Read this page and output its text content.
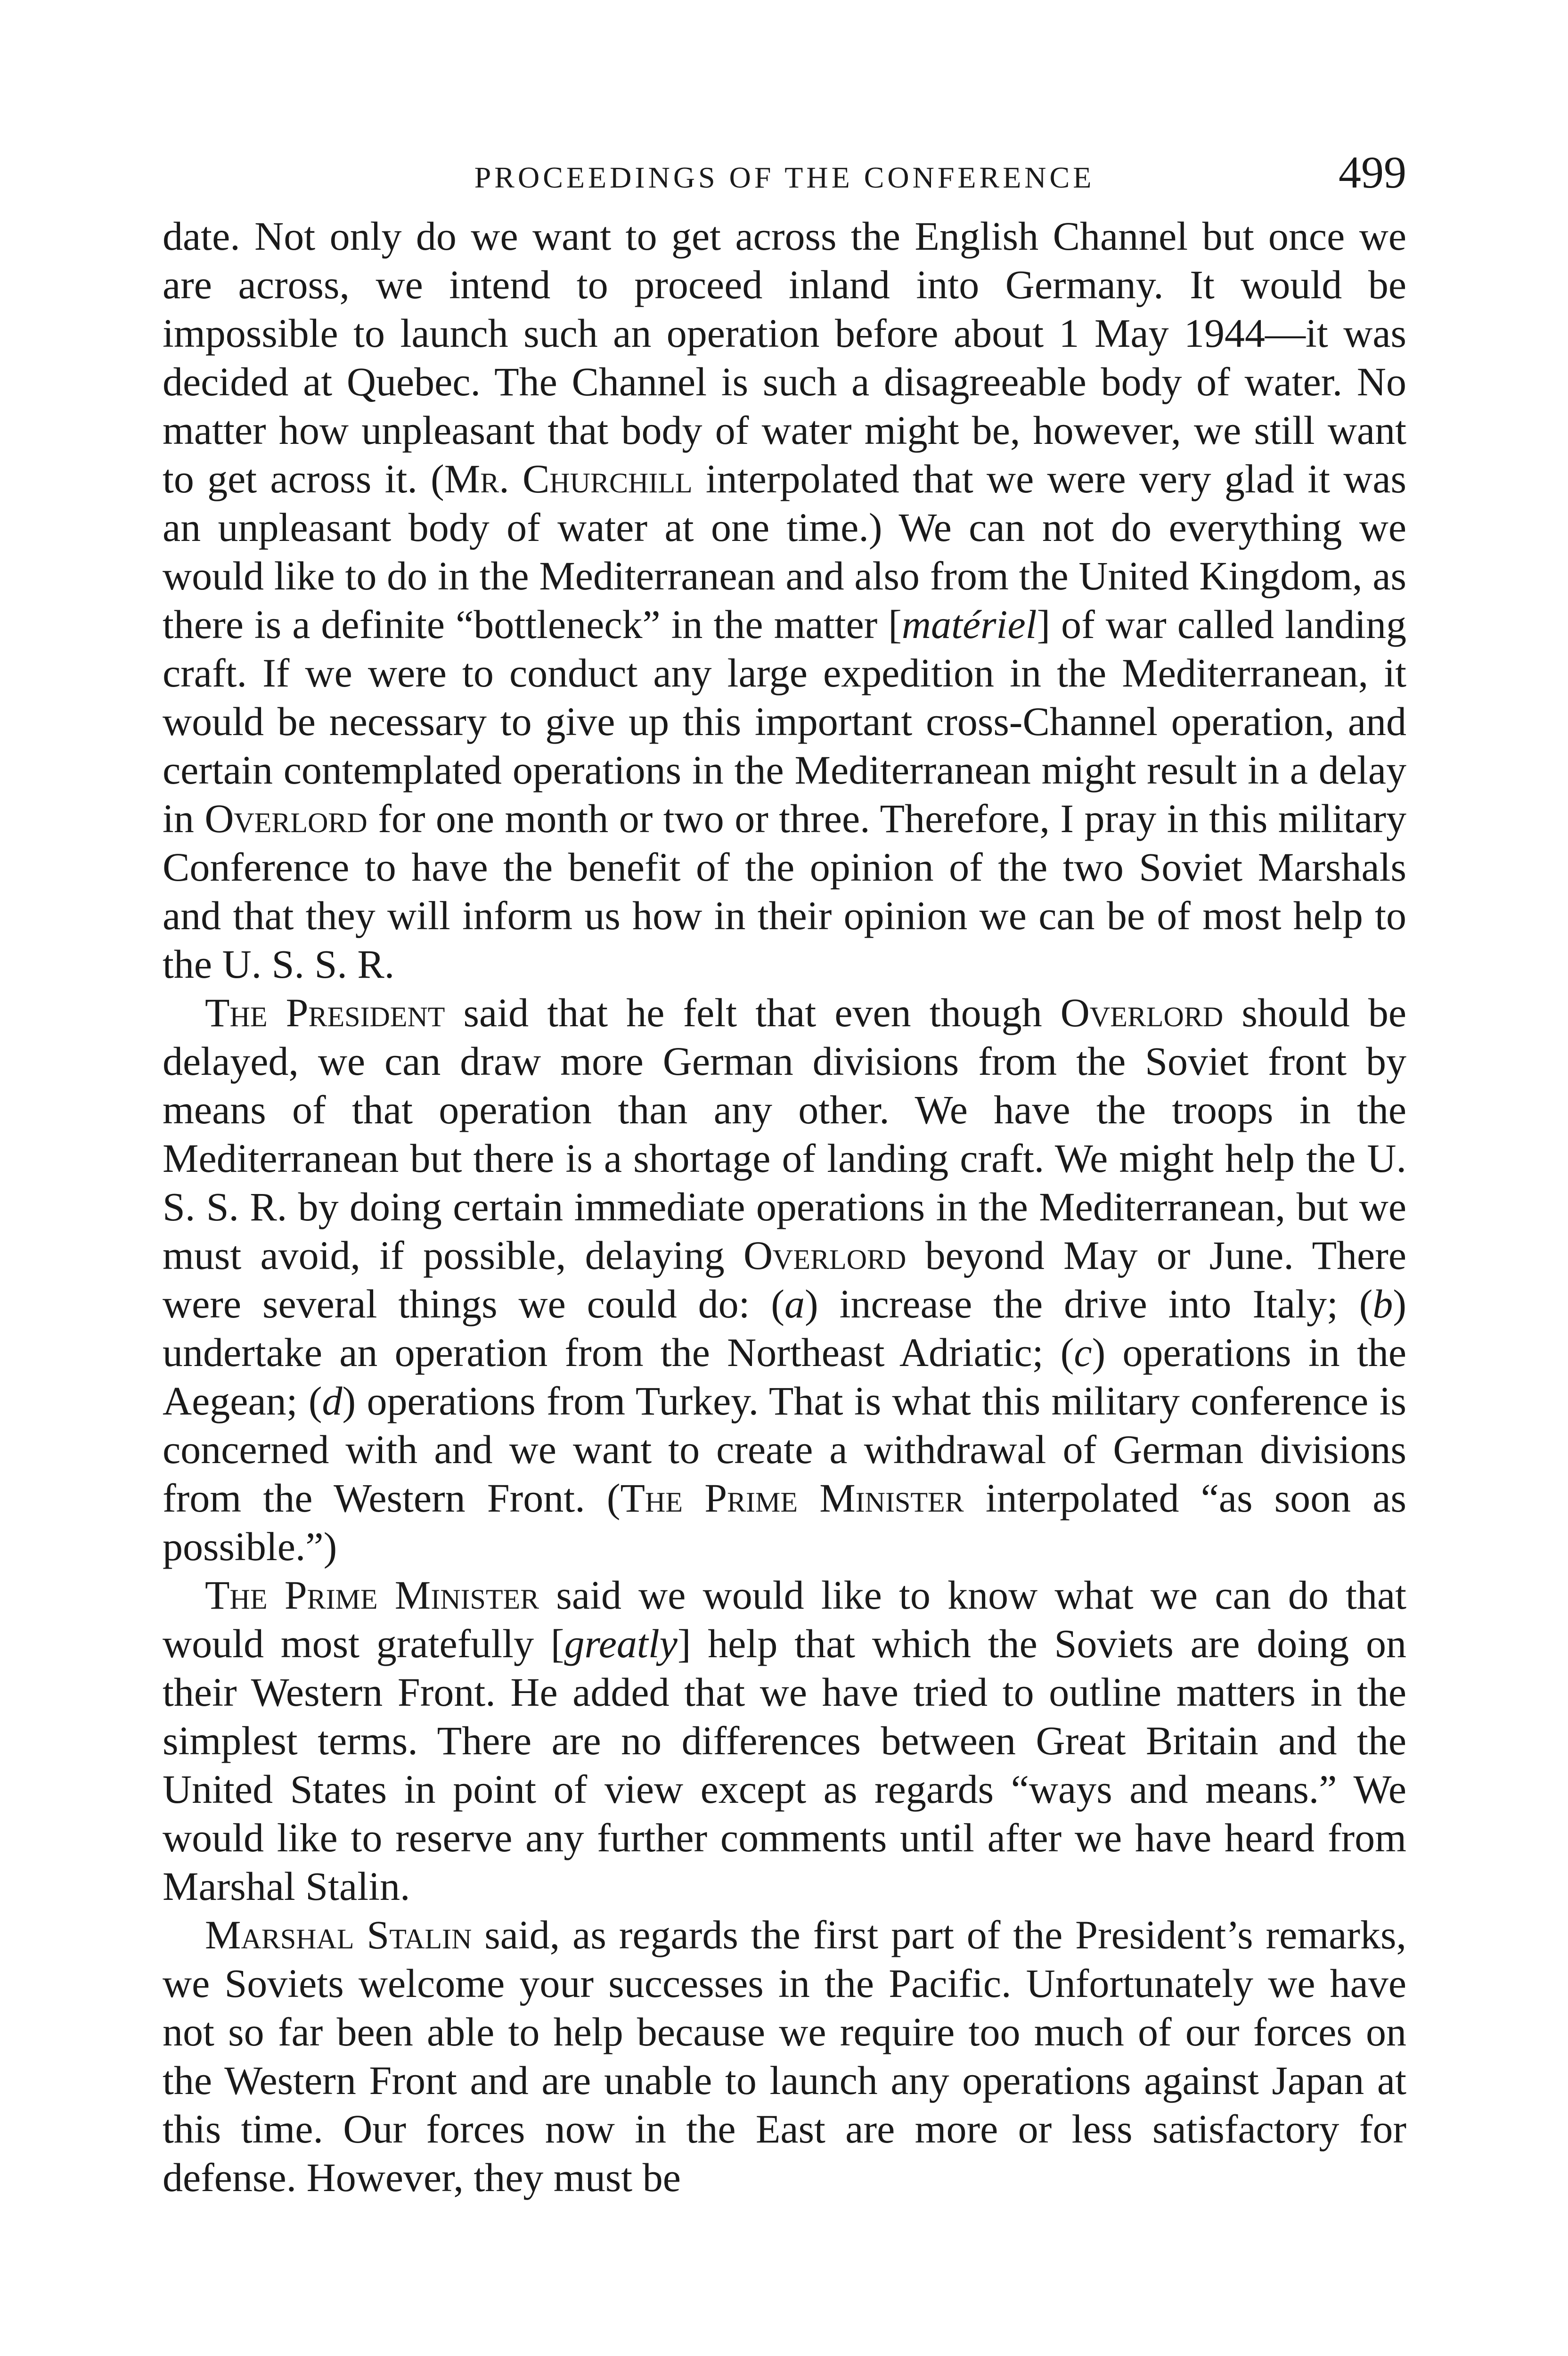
PROCEEDINGS OF THE CONFERENCE	499

date. Not only do we want to get across the English Channel but once we are across, we intend to proceed inland into Germany. It would be impossible to launch such an operation before about 1 May 1944—it was decided at Quebec. The Channel is such a disagreeable body of water. No matter how unpleasant that body of water might be, however, we still want to get across it. (Mr. Churchill interpolated that we were very glad it was an unpleasant body of water at one time.) We can not do everything we would like to do in the Mediterranean and also from the United Kingdom, as there is a definite “bottleneck” in the matter [matériel] of war called landing craft. If we were to conduct any large expedition in the Mediterranean, it would be necessary to give up this important cross-Channel operation, and certain contemplated operations in the Mediterranean might result in a delay in Overlord for one month or two or three. Therefore, I pray in this military Conference to have the benefit of the opinion of the two Soviet Marshals and that they will inform us how in their opinion we can be of most help to the U. S. S. R.

The President said that he felt that even though Overlord should be delayed, we can draw more German divisions from the Soviet front by means of that operation than any other. We have the troops in the Mediterranean but there is a shortage of landing craft. We might help the U. S. S. R. by doing certain immediate operations in the Mediterranean, but we must avoid, if possible, delaying Overlord beyond May or June. There were several things we could do: (a) increase the drive into Italy; (b) undertake an operation from the Northeast Adriatic; (c) operations in the Aegean; (d) operations from Turkey. That is what this military conference is concerned with and we want to create a withdrawal of German divisions from the Western Front. (The Prime Minister interpolated “as soon as possible.”)

The Prime Minister said we would like to know what we can do that would most gratefully [greatly] help that which the Soviets are doing on their Western Front. He added that we have tried to outline matters in the simplest terms. There are no differences between Great Britain and the United States in point of view except as regards “ways and means.” We would like to reserve any further comments until after we have heard from Marshal Stalin.

Marshal Stalin said, as regards the first part of the President’s remarks, we Soviets welcome your successes in the Pacific. Unfortunately we have not so far been able to help because we require too much of our forces on the Western Front and are unable to launch any operations against Japan at this time. Our forces now in the East are more or less satisfactory for defense. However, they must be
